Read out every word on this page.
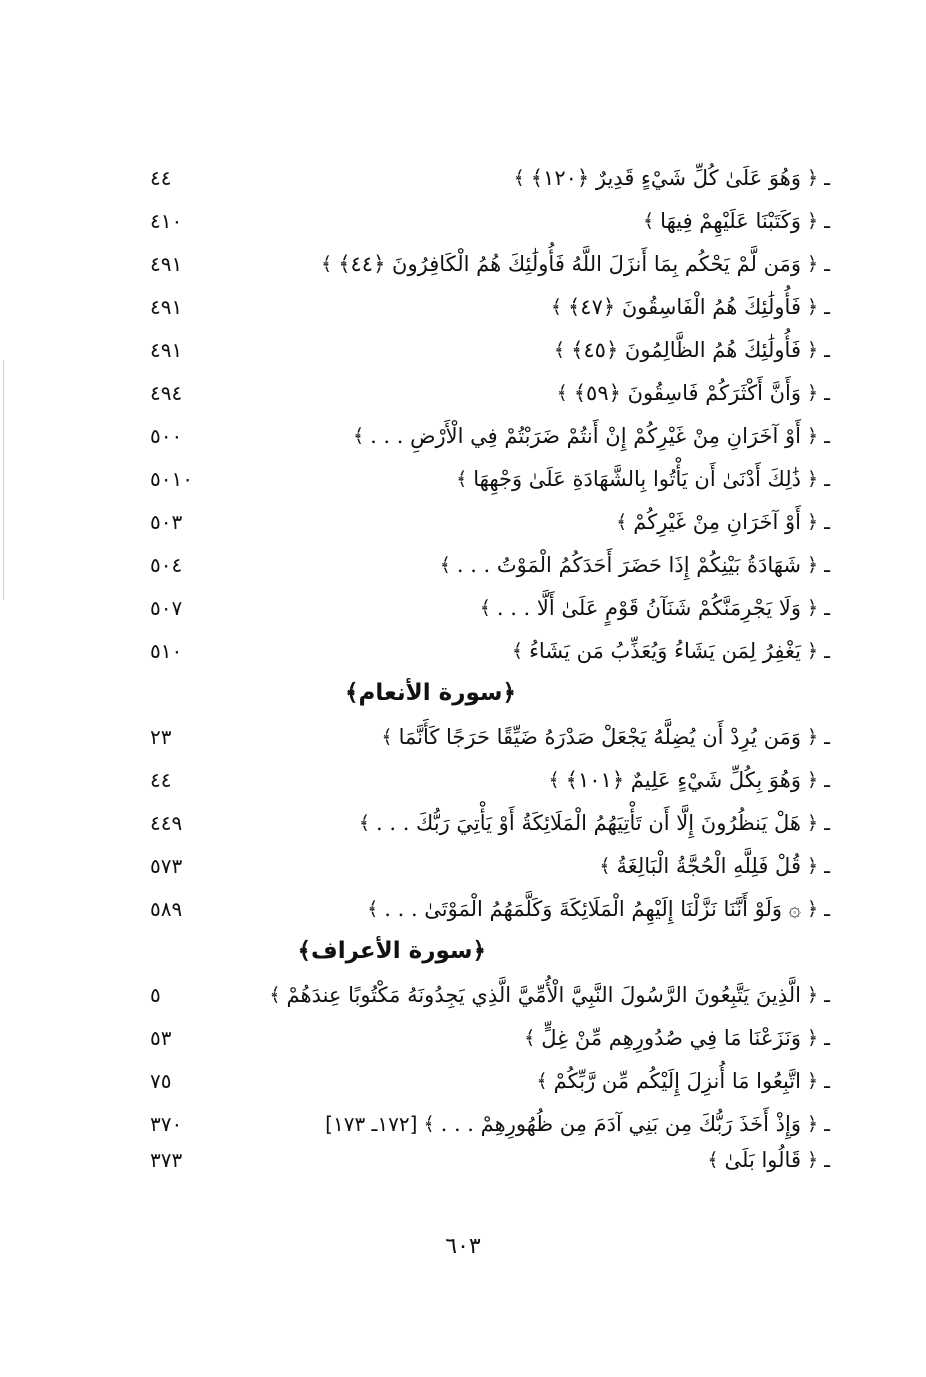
ـ
﴿
وَهُوَ عَلَىٰ كُلِّ شَيْءٍ قَدِيرٌ ﴿١٢٠﴾
﴾
٤٤
ـ
﴿
وَكَتَبْنَا عَلَيْهِمْ فِيهَا
﴾
٤١٠
ـ
﴿
وَمَن لَّمْ يَحْكُم بِمَا أَنزَلَ اللَّهُ فَأُولَٰئِكَ هُمُ الْكَافِرُونَ ﴿٤٤﴾
﴾
٤٩١
ـ
﴿
فَأُولَٰئِكَ هُمُ الْفَاسِقُونَ ﴿٤٧﴾
﴾
٤٩١
ـ
﴿
فَأُولَٰئِكَ هُمُ الظَّالِمُونَ ﴿٤٥﴾
﴾
٤٩١
ـ
﴿
وَأَنَّ أَكْثَرَكُمْ فَاسِقُونَ ﴿٥٩﴾
﴾
٤٩٤
ـ
﴿
أَوْ آخَرَانِ مِنْ غَيْرِكُمْ إِنْ أَنتُمْ ضَرَبْتُمْ فِي الْأَرْضِ . . .
﴾
٥٠٠
ـ
﴿
ذَٰلِكَ أَدْنَىٰ أَن يَأْتُوا بِالشَّهَادَةِ عَلَىٰ وَجْهِهَا
﴾
٥٠١٠
ـ
﴿
أَوْ آخَرَانِ مِنْ غَيْرِكُمْ
﴾
٥٠٣
ـ
﴿
شَهَادَةُ بَيْنِكُمْ إِذَا حَضَرَ أَحَدَكُمُ الْمَوْتُ . . .
﴾
٥٠٤
ـ
﴿
وَلَا يَجْرِمَنَّكُمْ شَنَآنُ قَوْمٍ عَلَىٰ أَلَّا . . .
﴾
٥٠٧
ـ
﴿
يَغْفِرُ لِمَن يَشَاءُ وَيُعَذِّبُ مَن يَشَاءُ
﴾
٥١٠
﴿سورة الأنعام﴾
ـ
﴿
وَمَن يُرِدْ أَن يُضِلَّهُ يَجْعَلْ صَدْرَهُ ضَيِّقًا حَرَجًا كَأَنَّمَا
﴾
٢٣
ـ
﴿
وَهُوَ بِكُلِّ شَيْءٍ عَلِيمٌ ﴿١٠١﴾
﴾
٤٤
ـ
﴿
هَلْ يَنظُرُونَ إِلَّا أَن تَأْتِيَهُمُ الْمَلَائِكَةُ أَوْ يَأْتِيَ رَبُّكَ . . .
﴾
٤٤٩
ـ
﴿
قُلْ فَلِلَّهِ الْحُجَّةُ الْبَالِغَةُ
﴾
٥٧٣
ـ
﴿
۞ وَلَوْ أَنَّنَا نَزَّلْنَا إِلَيْهِمُ الْمَلَائِكَةَ وَكَلَّمَهُمُ الْمَوْتَىٰ . . .
﴾
٥٨٩
﴿سورة الأعراف﴾
ـ
﴿
الَّذِينَ يَتَّبِعُونَ الرَّسُولَ النَّبِيَّ الْأُمِّيَّ الَّذِي يَجِدُونَهُ مَكْتُوبًا عِندَهُمْ
﴾
٥
ـ
﴿
وَنَزَعْنَا مَا فِي صُدُورِهِم مِّنْ غِلٍّ
﴾
٥٣
ـ
﴿
اتَّبِعُوا مَا أُنزِلَ إِلَيْكُم مِّن رَّبِّكُمْ
﴾
٧٥
ـ
﴿
وَإِذْ أَخَذَ رَبُّكَ مِن بَنِي آدَمَ مِن ظُهُورِهِمْ . . .
﴾
[١٧٢ـ ١٧٣]
٣٧٠
ـ
﴿
قَالُوا بَلَىٰ
﴾
٣٧٣
٦٠٣
